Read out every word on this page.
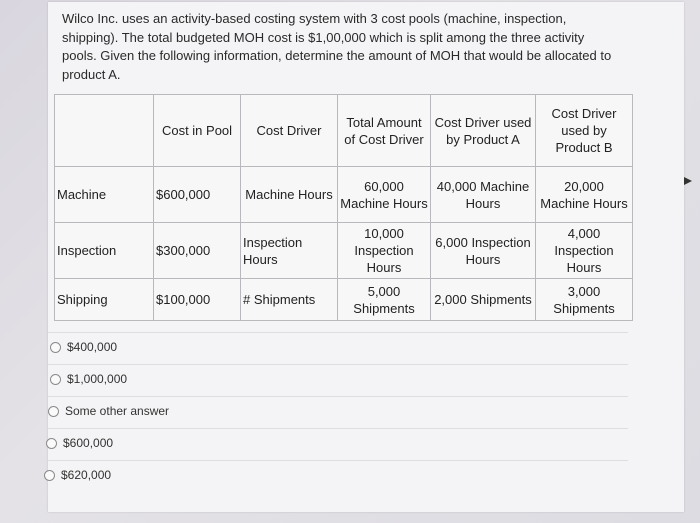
Wilco Inc. uses an activity-based costing system with 3 cost pools (machine, inspection, shipping). The total budgeted MOH cost is $1,00,000 which is split among the three activity pools. Given the following information, determine the amount of MOH that would be allocated to product A.
	Cost in Pool	Cost Driver	Total Amount of Cost Driver	Cost Driver used by Product A	Cost Driver used by Product B
Machine	$600,000	Machine Hours	60,000 Machine Hours	40,000 Machine Hours	20,000 Machine Hours
Inspection	$300,000	Inspection Hours	10,000 Inspection Hours	6,000 Inspection Hours	4,000 Inspection Hours
Shipping	$100,000	# Shipments	5,000 Shipments	2,000 Shipments	3,000 Shipments
$400,000
$1,000,000
Some other answer
$600,000
$620,000
